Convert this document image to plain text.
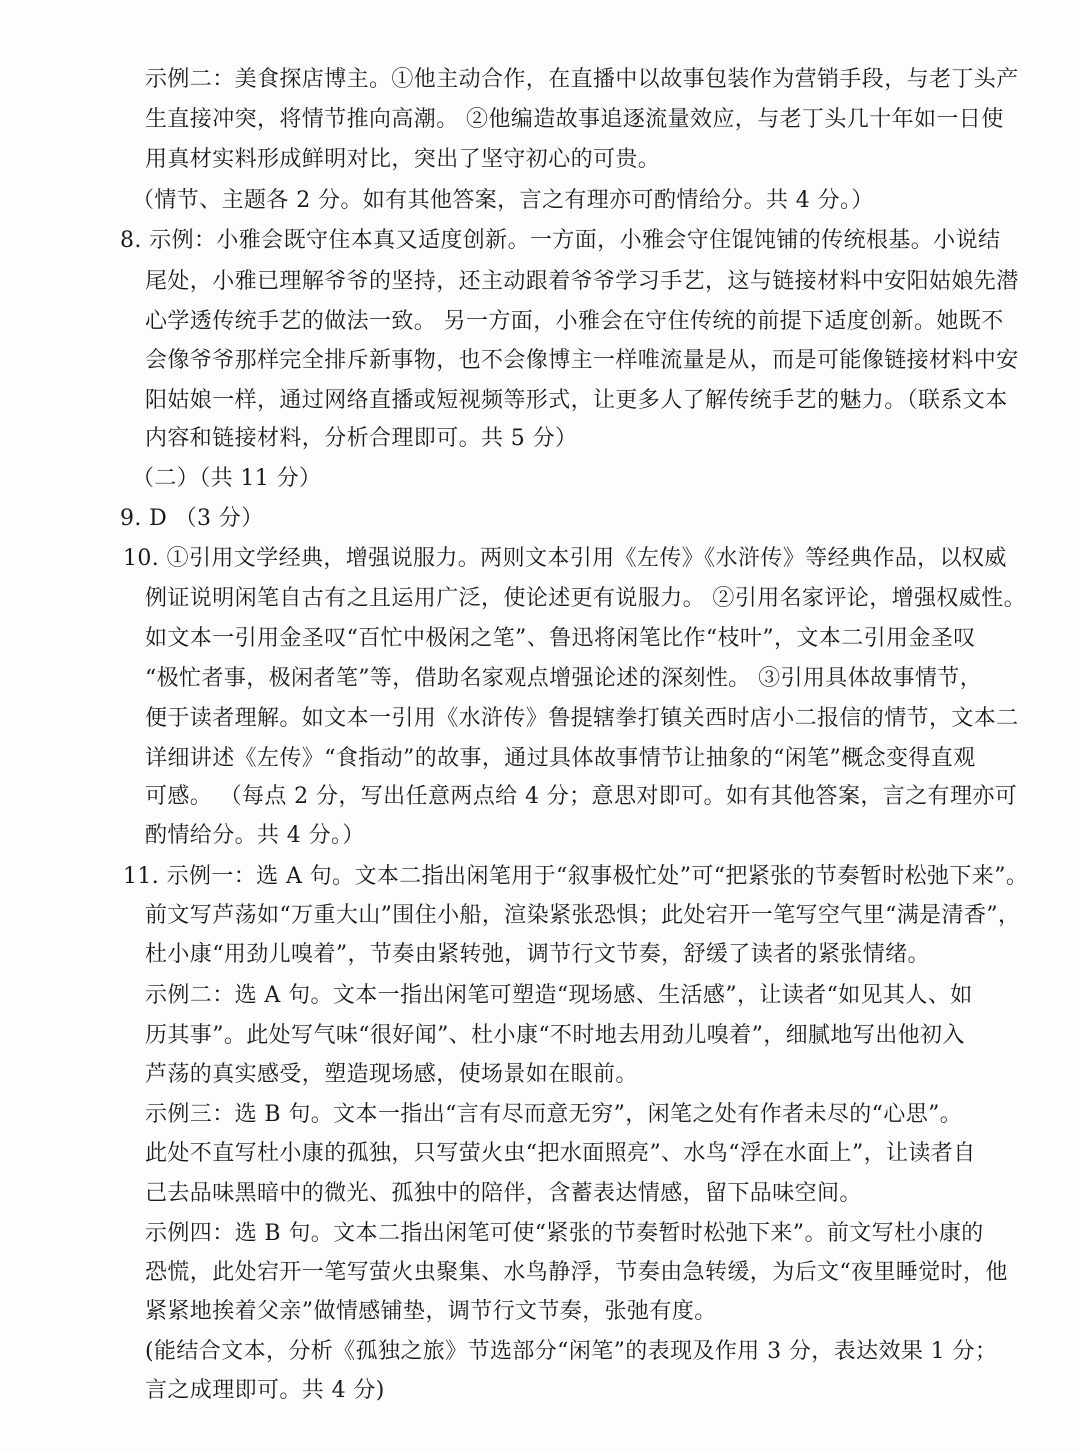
示例二：美食探店博主。①他主动合作，在直播中以故事包装作为营销手段，与老丁头产
生直接冲突，将情节推向高潮。 ②他编造故事追逐流量效应，与老丁头几十年如一日使
用真材实料形成鲜明对比，突出了坚守初心的可贵。
（情节、主题各 2 分。如有其他答案，言之有理亦可酌情给分。共 4 分。）
8. 示例：小雅会既守住本真又适度创新。一方面，小雅会守住馄饨铺的传统根基。小说结
尾处，小雅已理解爷爷的坚持，还主动跟着爷爷学习手艺，这与链接材料中安阳姑娘先潜
心学透传统手艺的做法一致。 另一方面，小雅会在守住传统的前提下适度创新。她既不
会像爷爷那样完全排斥新事物，也不会像博主一样唯流量是从，而是可能像链接材料中安
阳姑娘一样，通过网络直播或短视频等形式，让更多人了解传统手艺的魅力。（联系文本
内容和链接材料，分析合理即可。共 5 分）
（二）（共 11 分）
9. D （3 分）
10. ①引用文学经典，增强说服力。两则文本引用《左传》《水浒传》等经典作品，以权威
例证说明闲笔自古有之且运用广泛，使论述更有说服力。 ②引用名家评论，增强权威性。
如文本一引用金圣叹“百忙中极闲之笔”、鲁迅将闲笔比作“枝叶”，文本二引用金圣叹
“极忙者事，极闲者笔”等，借助名家观点增强论述的深刻性。 ③引用具体故事情节，
便于读者理解。如文本一引用《水浒传》鲁提辖拳打镇关西时店小二报信的情节，文本二
详细讲述《左传》“食指动”的故事，通过具体故事情节让抽象的“闲笔”概念变得直观
可感。 （每点 2 分，写出任意两点给 4 分；意思对即可。如有其他答案，言之有理亦可
酌情给分。共 4 分。）
11. 示例一：选 A 句。文本二指出闲笔用于“叙事极忙处”可“把紧张的节奏暂时松弛下来”。
前文写芦荡如“万重大山”围住小船，渲染紧张恐惧；此处宕开一笔写空气里“满是清香”，
杜小康“用劲儿嗅着”，节奏由紧转弛，调节行文节奏，舒缓了读者的紧张情绪。
示例二：选 A 句。文本一指出闲笔可塑造“现场感、生活感”，让读者“如见其人、如
历其事”。此处写气味“很好闻”、杜小康“不时地去用劲儿嗅着”，细腻地写出他初入
芦荡的真实感受，塑造现场感，使场景如在眼前。
示例三：选 B 句。文本一指出“言有尽而意无穷”，闲笔之处有作者未尽的“心思”。
此处不直写杜小康的孤独，只写萤火虫“把水面照亮”、水鸟“浮在水面上”，让读者自
己去品味黑暗中的微光、孤独中的陪伴，含蓄表达情感，留下品味空间。
示例四：选 B 句。文本二指出闲笔可使“紧张的节奏暂时松弛下来”。前文写杜小康的
恐慌，此处宕开一笔写萤火虫聚集、水鸟静浮，节奏由急转缓，为后文“夜里睡觉时，他
紧紧地挨着父亲”做情感铺垫，调节行文节奏，张弛有度。
(能结合文本，分析《孤独之旅》节选部分“闲笔”的表现及作用 3 分，表达效果 1 分；
言之成理即可。共 4 分)
